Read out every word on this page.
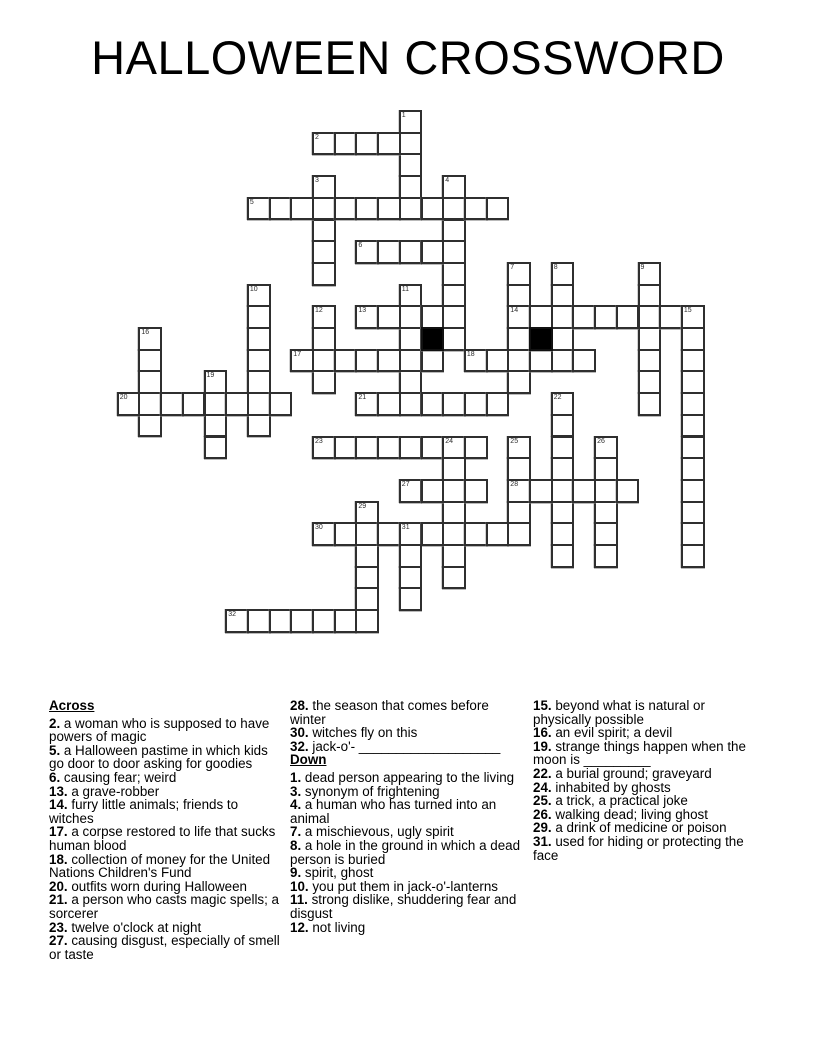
HALLOWEEN CROSSWORD
1
2
3	4
5
6
7
14
8	9
10	11
12	13	15
16
17	18
19
20	21	22
23	24	25
28
26
27
29
30	31
32
Across
2. a woman who is supposed to have powers of magic
5. a Halloween pastime in which kids go door to door asking for goodies
6. causing fear; weird
13. a grave-robber
14. furry little animals; friends to witches
17. a corpse restored to life that sucks human blood
18. collection of money for the United Nations Children's Fund
20. outfits worn during Halloween
21. a person who casts magic spells; a sorcerer
23. twelve o'clock at night
27. causing disgust, especially of smell or taste
28. the season that comes before winter
30. witches fly on this
32. jack-o'- ___________________
Down
1. dead person appearing to the living
3. synonym of frightening
4. a human who has turned into an animal
7. a mischievous, ugly spirit
8. a hole in the ground in which a dead person is buried
9. spirit, ghost
10. you put them in jack-o'-lanterns
11. strong dislike, shuddering fear and disgust
12. not living
15. beyond what is natural or physically possible
16. an evil spirit; a devil
19. strange things happen when the moon is _________
22. a burial ground; graveyard
24. inhabited by ghosts
25. a trick, a practical joke
26. walking dead; living ghost
29. a drink of medicine or poison
31. used for hiding or protecting the face
